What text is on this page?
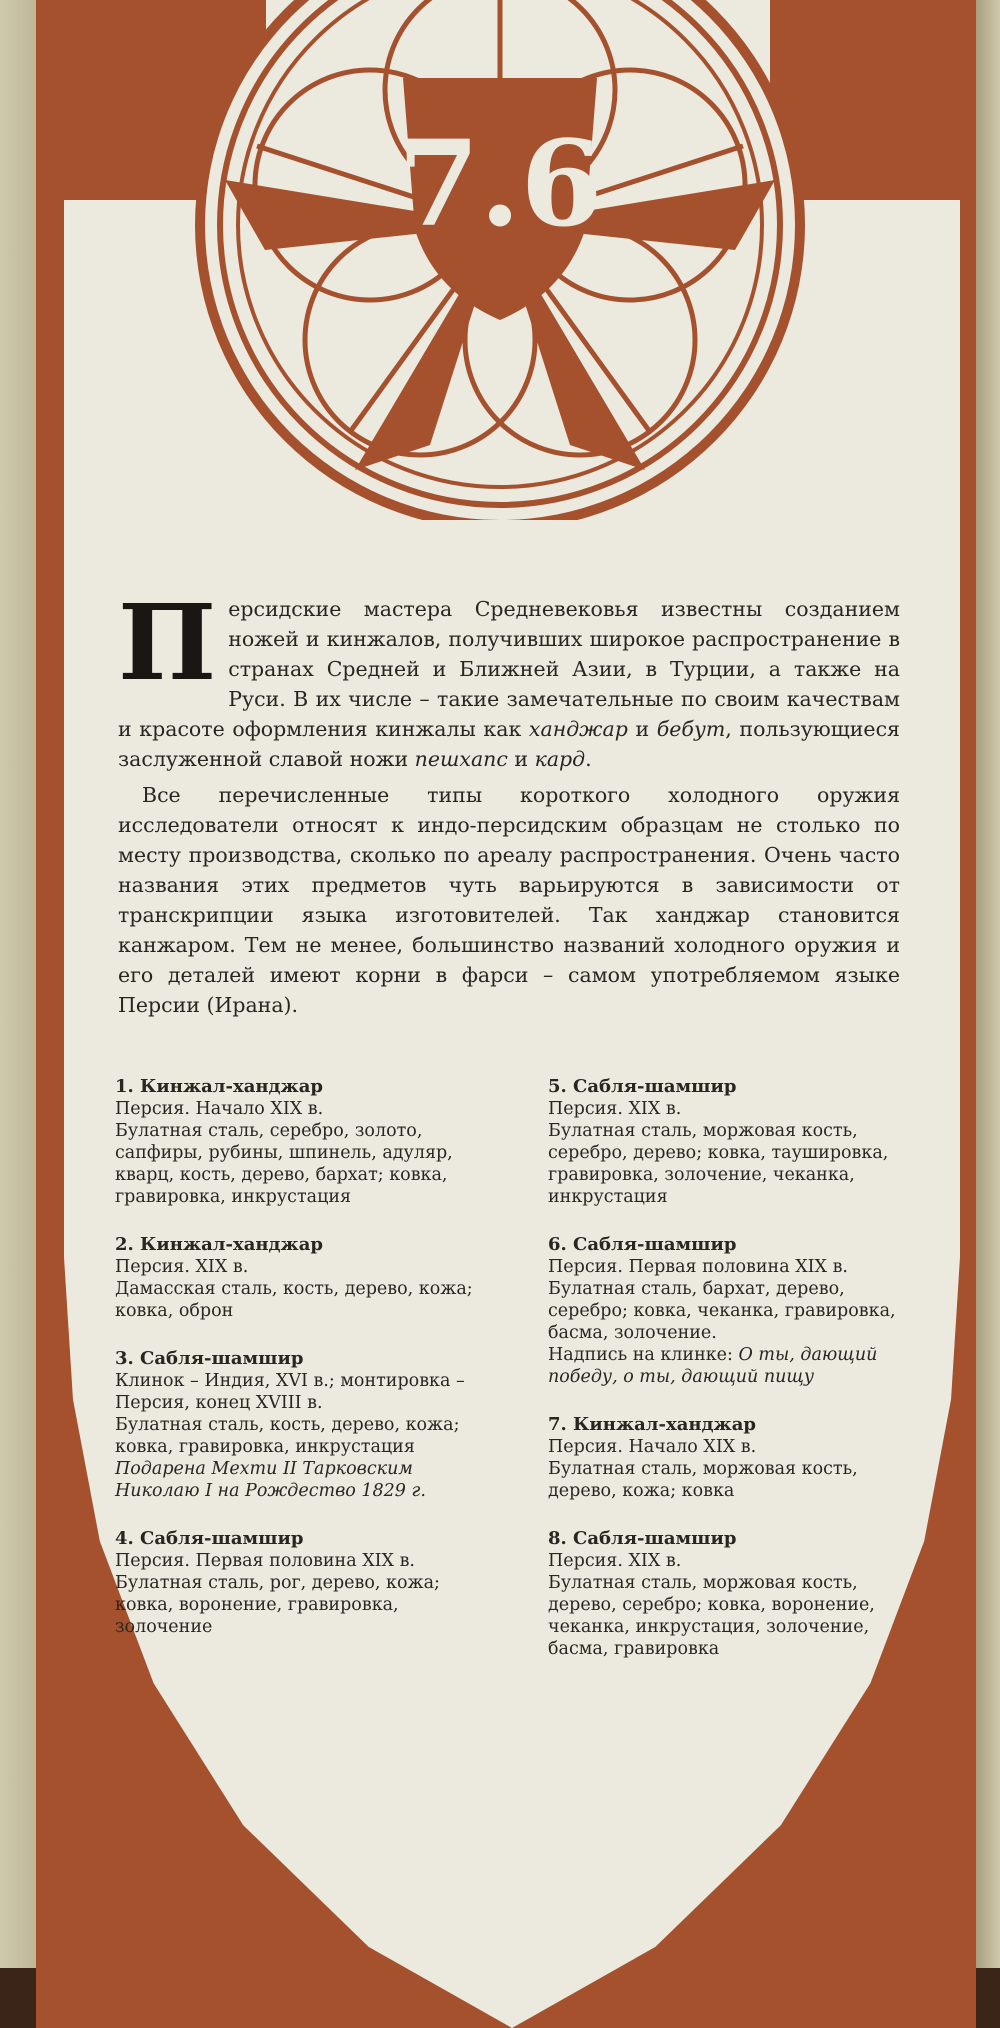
7.6
П ерсидские мастера Средневековья известны созданием ножей и кинжалов, получивших широкое распространение в странах Средней и Ближней Азии, в Турции, а также на Руси. В их числе – такие замечательные по своим качествам и красоте оформления кинжалы как ханджар и бебут, пользующиеся заслуженной славой ножи пешхапс и кард.

Все перечисленные типы короткого холодного оружия исследователи относят к индо-персидским образцам не столько по месту производства, сколько по ареалу распространения. Очень часто названия этих предметов чуть варьируются в зависимости от транскрипции языка изготовителей. Так ханджар становится канжаром. Тем не менее, большинство названий холодного оружия и его деталей имеют корни в фарси – самом употребляемом языке Персии (Ирана).

1. Кинжал-ханджар
Персия. Начало XIX в.
Булатная сталь, серебро, золото, сапфиры, рубины, шпинель, адуляр, кварц, кость, дерево, бархат; ковка, гравировка, инкрустация
2. Кинжал-ханджар
Персия. XIX в.
Дамасская сталь, кость, дерево, кожа; ковка, оброн
3. Сабля-шамшир
Клинок – Индия, XVI в.; монтировка – Персия, конец XVIII в.
Булатная сталь, кость, дерево, кожа; ковка, гравировка, инкрустация
Подарена Мехти II Тарковским Николаю I на Рождество 1829 г.
4. Сабля-шамшир
Персия. Первая половина XIX в.
Булатная сталь, рог, дерево, кожа; ковка, воронение, гравировка, золочение
5. Сабля-шамшир
Персия. XIX в.
Булатная сталь, моржовая кость, серебро, дерево; ковка, таушировка, гравировка, золочение, чеканка, инкрустация
6. Сабля-шамшир
Персия. Первая половина XIX в.
Булатная сталь, бархат, дерево, серебро; ковка, чеканка, гравировка, басма, золочение.
Надпись на клинке: О ты, дающий победу, о ты, дающий пищу
7. Кинжал-ханджар
Персия. Начало XIX в.
Булатная сталь, моржовая кость, дерево, кожа; ковка
8. Сабля-шамшир
Персия. XIX в.
Булатная сталь, моржовая кость, дерево, серебро; ковка, воронение, чеканка, инкрустация, золочение, басма, гравировка
